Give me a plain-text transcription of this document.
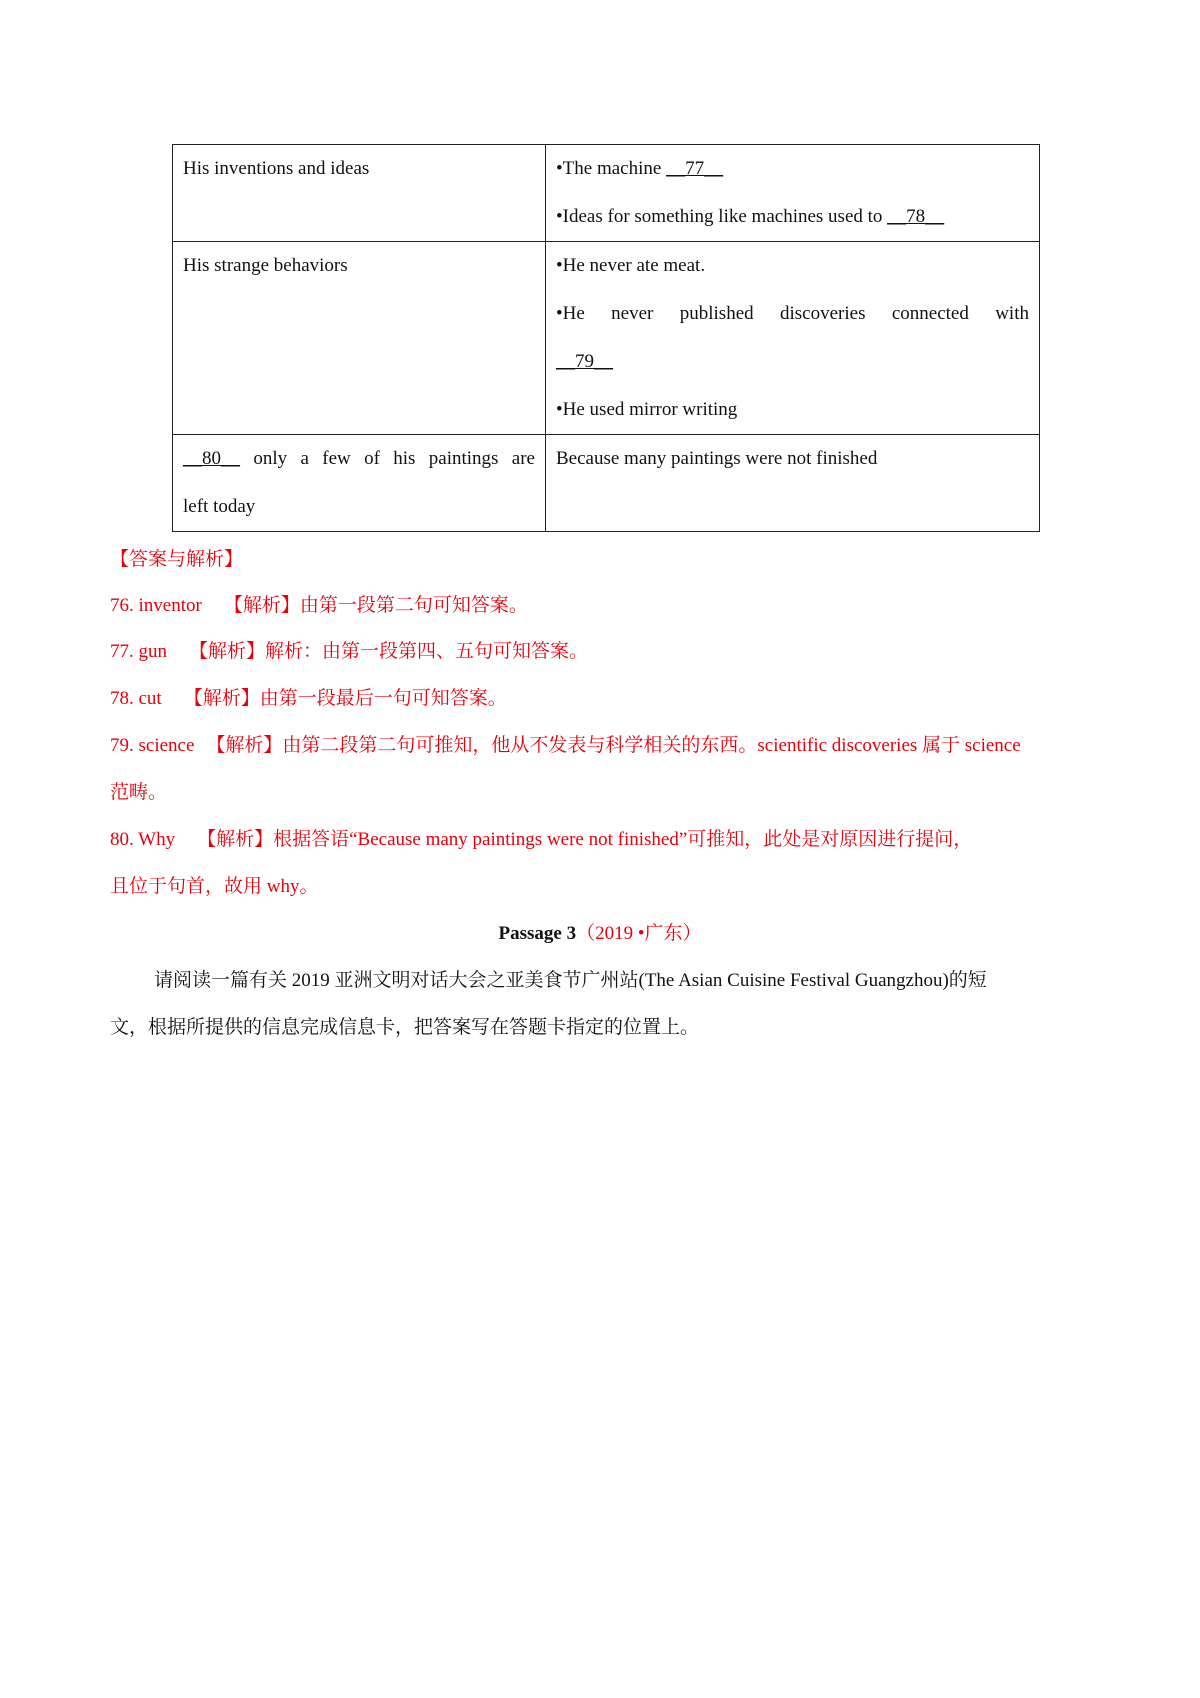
His inventions and ideas	•The machine __77__
•Ideas for something like machines used to __78__

His strange behaviors	•He never ate meat.
•He never published discoveries connected with
__79__
•He used mirror writing

__80__ only a few of his paintings are
left today	Because many paintings were not finished
【答案与解析】
76. inventor 【解析】由第一段第二句可知答案。
77. gun 【解析】解析：由第一段第四、五句可知答案。
78. cut 【解析】由第一段最后一句可知答案。
79. science 【解析】由第二段第二句可推知，他从不发表与科学相关的东西。scientific discoveries 属于 science
范畴。
80. Why 【解析】根据答语“Because many paintings were not finished”可推知，此处是对原因进行提问，
且位于句首，故用 why。
Passage 3（2019 •广东）
请阅读一篇有关 2019 亚洲文明对话大会之亚美食节广州站(The Asian Cuisine Festival Guangzhou)的短
文，根据所提供的信息完成信息卡，把答案写在答题卡指定的位置上。
